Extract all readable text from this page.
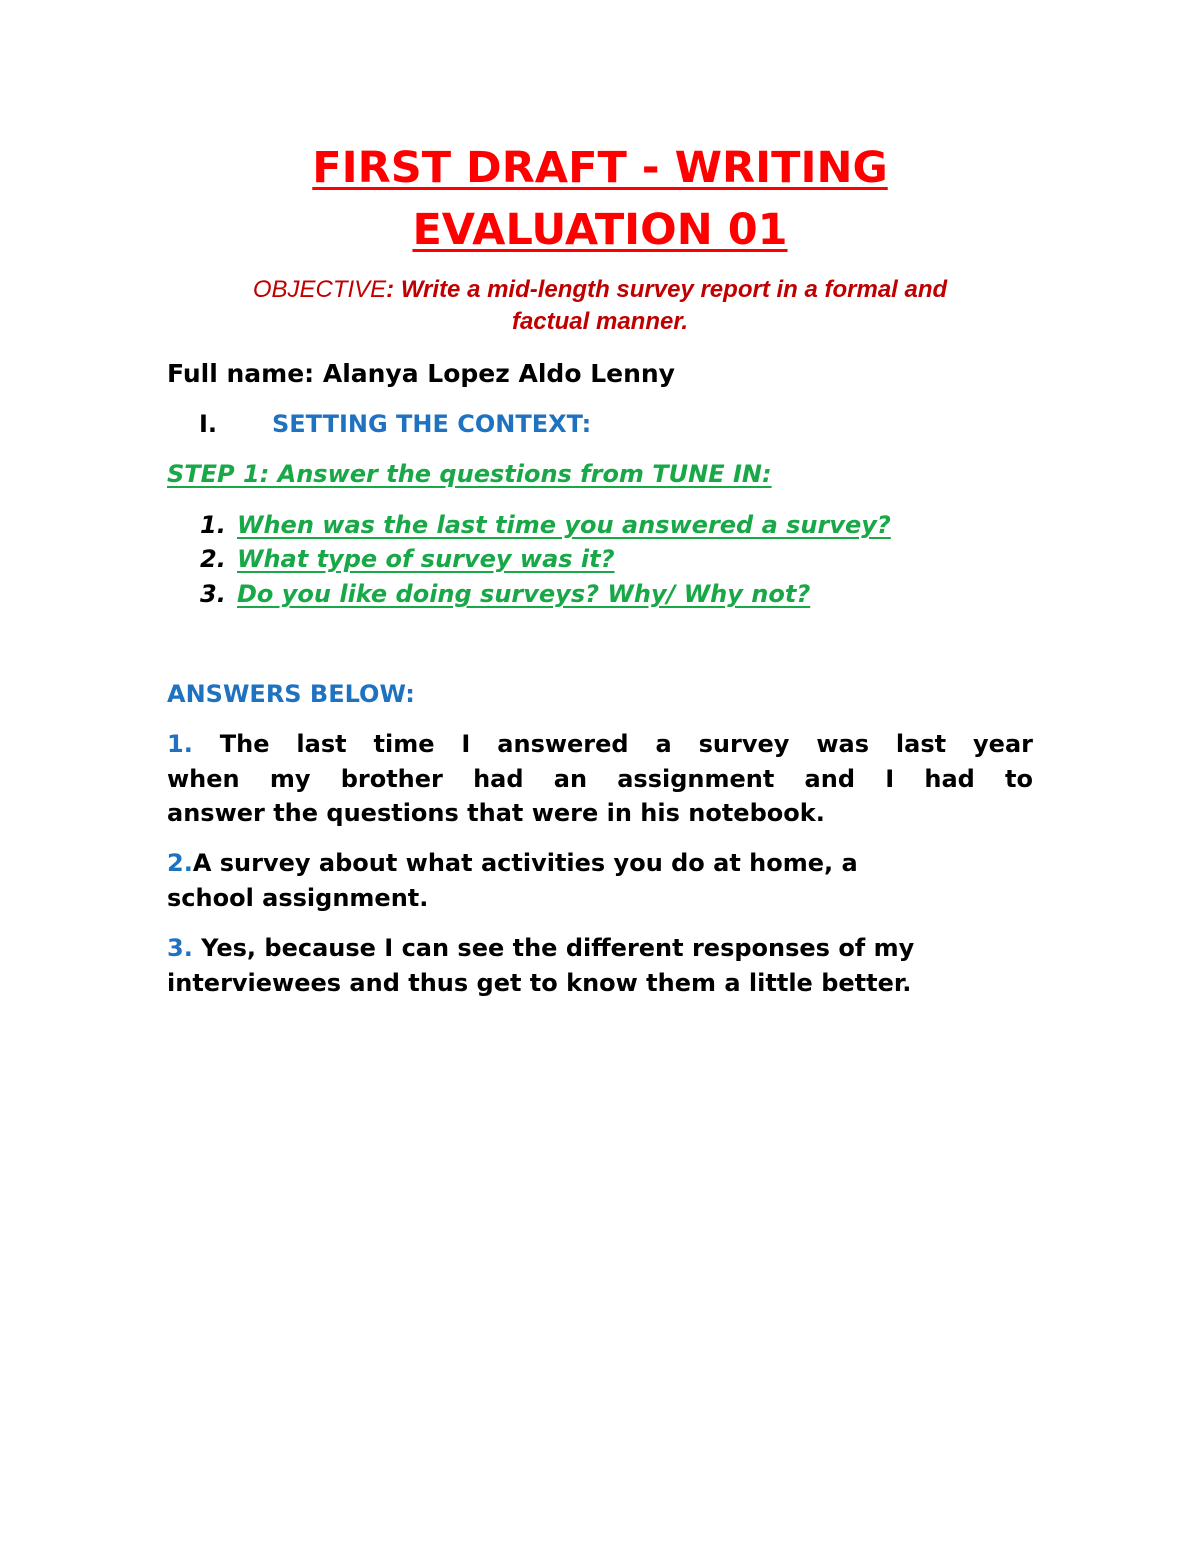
FIRST DRAFT - WRITING
EVALUATION 01
OBJECTIVE: Write a mid-length survey report in a formal and
factual manner.
Full name: Alanya Lopez Aldo Lenny
I. SETTING THE CONTEXT:
STEP 1: Answer the questions from TUNE IN:
1. When was the last time you answered a survey?
2. What type of survey was it?
3. Do you like doing surveys? Why/ Why not?
ANSWERS BELOW:
1. The last time I answered a survey was last year
when my brother had an assignment and I had to
answer the questions that were in his notebook.
2.A survey about what activities you do at home, a
school assignment.
3. Yes, because I can see the different responses of my
interviewees and thus get to know them a little better.
